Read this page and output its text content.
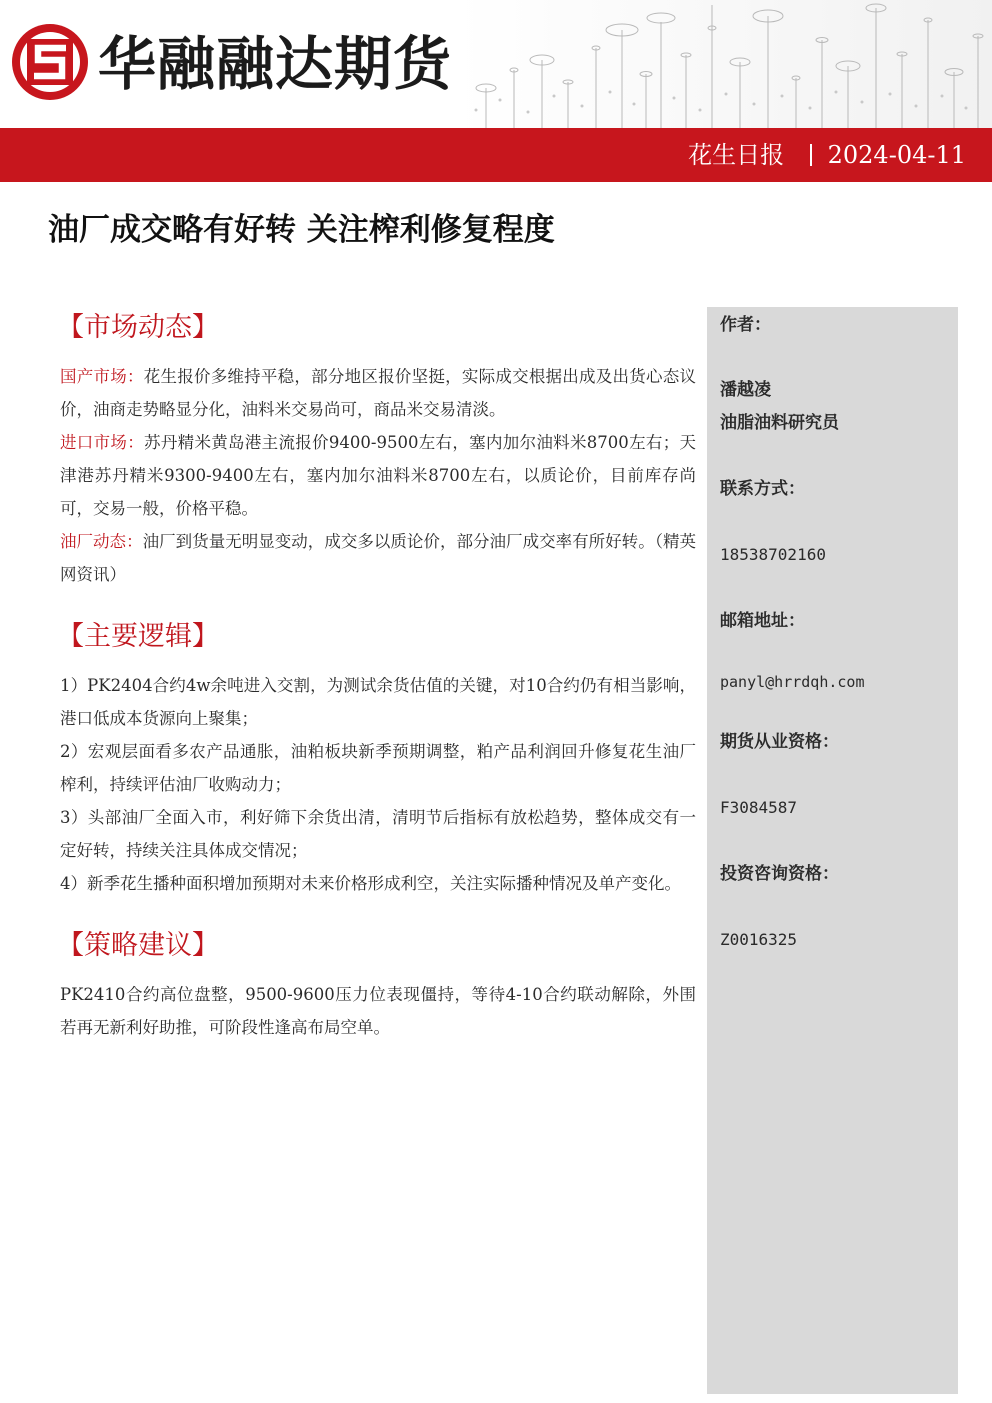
华融融达期货
花生日报 2024-04-11
油厂成交略有好转 关注榨利修复程度
【市场动态】

国产市场：花生报价多维持平稳，部分地区报价坚挺，实际成交根据出成及出货心态议价，油商走势略显分化，油料米交易尚可，商品米交易清淡。

进口市场：苏丹精米黄岛港主流报价9400-9500左右，塞内加尔油料米8700左右；天津港苏丹精米9300-9400左右，塞内加尔油料米8700左右，以质论价，目前库存尚可，交易一般，价格平稳。

油厂动态：油厂到货量无明显变动，成交多以质论价，部分油厂成交率有所好转。（精英网资讯）

【主要逻辑】

1）PK2404合约4w余吨进入交割，为测试余货估值的关键，对10合约仍有相当影响，港口低成本货源向上聚集；

2）宏观层面看多农产品通胀，油粕板块新季预期调整，粕产品利润回升修复花生油厂榨利，持续评估油厂收购动力；

3）头部油厂全面入市，利好筛下余货出清，清明节后指标有放松趋势，整体成交有一定好转，持续关注具体成交情况；

4）新季花生播种面积增加预期对未来价格形成利空，关注实际播种情况及单产变化。

【策略建议】

PK2410合约高位盘整，9500-9600压力位表现僵持，等待4-10合约联动解除，外围若再无新利好助推，可阶段性逢高布局空单。

作者：
潘越凌
油脂油料研究员
联系方式：
18538702160
邮箱地址：
panyl@hrrdqh.com
期货从业资格：
F3084587
投资咨询资格：
Z0016325
